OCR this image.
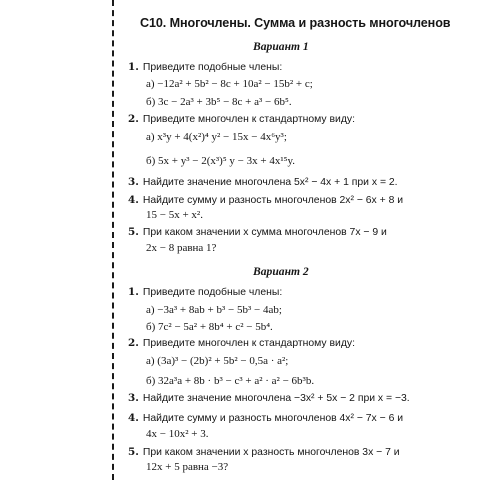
С10. Многочлены. Сумма и разность многочленов
Вариант 1
1. Приведите подобные члены:
а) −12a² + 5b² − 8c + 10a² − 15b² + c;
б) 3c − 2a³ + 3b⁵ − 8c + a³ − 6b⁵.
2. Приведите многочлен к стандартному виду:
а) x³y + 4(x²)⁴ y² − 15x − 4x⁶y³;
б) 5x + y³ − 2(x³)⁵ y − 3x + 4x¹⁵y.
3. Найдите значение многочлена 5x² − 4x + 1 при x = 2.
4. Найдите сумму и разность многочленов 2x² − 6x + 8 и
15 − 5x + x².
5. При каком значении x сумма многочленов 7x − 9 и
2x − 8 равна 1?
Вариант 2
1. Приведите подобные члены:
а) −3a³ + 8ab + b³ − 5b³ − 4ab;
б) 7c² − 5a² + 8b⁴ + c² − 5b⁴.
2. Приведите многочлен к стандартному виду:
а) (3a)³ − (2b)² + 5b² − 0,5a · a²;
б) 32a³a + 8b · b³ − c³ + a² · a² − 6b³b.
3. Найдите значение многочлена −3x² + 5x − 2 при x = −3.
4. Найдите сумму и разность многочленов 4x² − 7x − 6 и
4x − 10x² + 3.
5. При каком значении x разность многочленов 3x − 7 и
12x + 5 равна −3?
